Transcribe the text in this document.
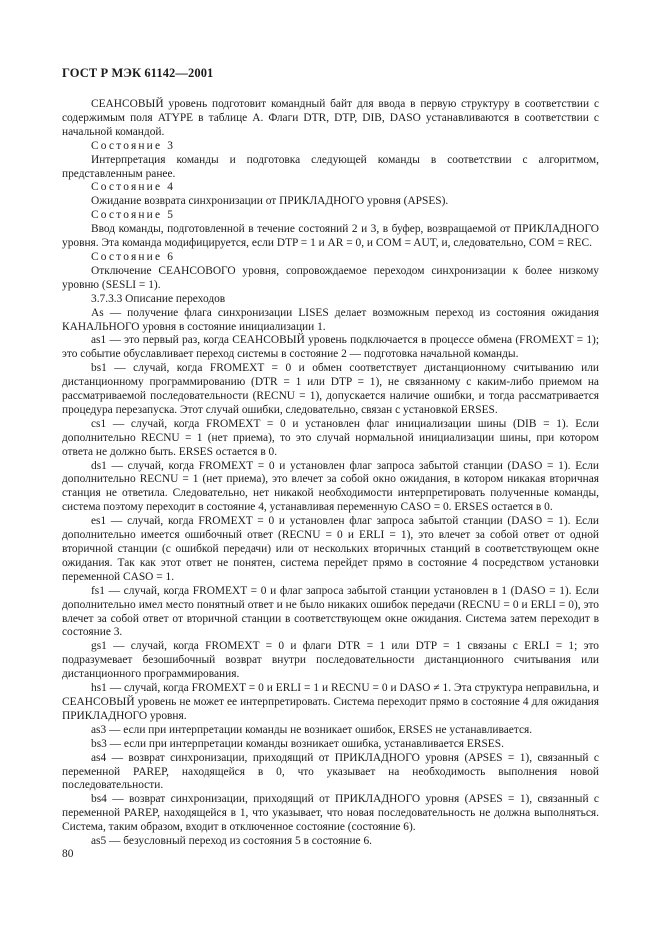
ГОСТ Р МЭК 61142—2001

СЕАНСОВЫЙ уровень подготовит командный байт для ввода в первую структуру в соответствии с содержимым поля ATYPE в таблице А. Флаги DTR, DTP, DIB, DASO устанавливаются в соответствии с начальной командой.

Состояние 3

Интерпретация команды и подготовка следующей команды в соответствии с алгоритмом, представленным ранее.

Состояние 4

Ожидание возврата синхронизации от ПРИКЛАДНОГО уровня (APSES).

Состояние 5

Ввод команды, подготовленной в течение состояний 2 и 3, в буфер, возвращаемой от ПРИКЛАДНОГО уровня. Эта команда модифицируется, если DTP = 1 и AR = 0, и COM = AUT, и, следовательно, COM = REC.

Состояние 6

Отключение СЕАНСОВОГО уровня, сопровождаемое переходом синхронизации к более низкому уровню (SESLI = 1).

3.7.3.3 Описание переходов

As — получение флага синхронизации LISES делает возможным переход из состояния ожидания КАНАЛЬНОГО уровня в состояние инициализации 1.

as1 — это первый раз, когда СЕАНСОВЫЙ уровень подключается в процессе обмена (FROMEXT = 1); это событие обуславливает переход системы в состояние 2 — подготовка начальной команды.

bs1 — случай, когда FROMEXT = 0 и обмен соответствует дистанционному считыванию или дистанционному программированию (DTR = 1 или DTP = 1), не связанному с каким-либо приемом на рассматриваемой последовательности (RECNU = 1), допускается наличие ошибки, и тогда рассматривается процедура перезапуска. Этот случай ошибки, следовательно, связан с установкой ERSES.

cs1 — случай, когда FROMEXT = 0 и установлен флаг инициализации шины (DIB = 1). Если дополнительно RECNU = 1 (нет приема), то это случай нормальной инициализации шины, при котором ответа не должно быть. ERSES остается в 0.

ds1 — случай, когда FROMEXT = 0 и установлен флаг запроса забытой станции (DASO = 1). Если дополнительно RECNU = 1 (нет приема), это влечет за собой окно ожидания, в котором никакая вторичная станция не ответила. Следовательно, нет никакой необходимости интерпретировать полученные команды, система поэтому переходит в состояние 4, устанавливая переменную CASO = 0. ERSES остается в 0.

es1 — случай, когда FROMEXT = 0 и установлен флаг запроса забытой станции (DASO = 1). Если дополнительно имеется ошибочный ответ (RECNU = 0 и ERLI = 1), это влечет за собой ответ от одной вторичной станции (с ошибкой передачи) или от нескольких вторичных станций в соответствующем окне ожидания. Так как этот ответ не понятен, система перейдет прямо в состояние 4 посредством установки переменной CASO = 1.

fs1 — случай, когда FROMEXT = 0 и флаг запроса забытой станции установлен в 1 (DASO = 1). Если дополнительно имел место понятный ответ и не было никаких ошибок передачи (RECNU = 0 и ERLI = 0), это влечет за собой ответ от вторичной станции в соответствующем окне ожидания. Система затем переходит в состояние 3.

gs1 — случай, когда FROMEXT = 0 и флаги DTR = 1 или DTP = 1 связаны с ERLI = 1; это подразумевает безошибочный возврат внутри последовательности дистанционного считывания или дистанционного программирования.

hs1 — случай, когда FROMEXT = 0 и ERLI = 1 и RECNU = 0 и DASO ≠ 1. Эта структура неправильна, и СЕАНСОВЫЙ уровень не может ее интерпретировать. Система переходит прямо в состояние 4 для ожидания ПРИКЛАДНОГО уровня.

as3 — если при интерпретации команды не возникает ошибок, ERSES не устанавливается.

bs3 — если при интерпретации команды возникает ошибка, устанавливается ERSES.

as4 — возврат синхронизации, приходящий от ПРИКЛАДНОГО уровня (APSES = 1), связанный с переменной PAREP, находящейся в 0, что указывает на необходимость выполнения новой последовательности.

bs4 — возврат синхронизации, приходящий от ПРИКЛАДНОГО уровня (APSES = 1), связанный с переменной PAREP, находящейся в 1, что указывает, что новая последовательность не должна выполняться. Система, таким образом, входит в отключенное состояние (состояние 6).

as5 — безусловный переход из состояния 5 в состояние 6.

80
